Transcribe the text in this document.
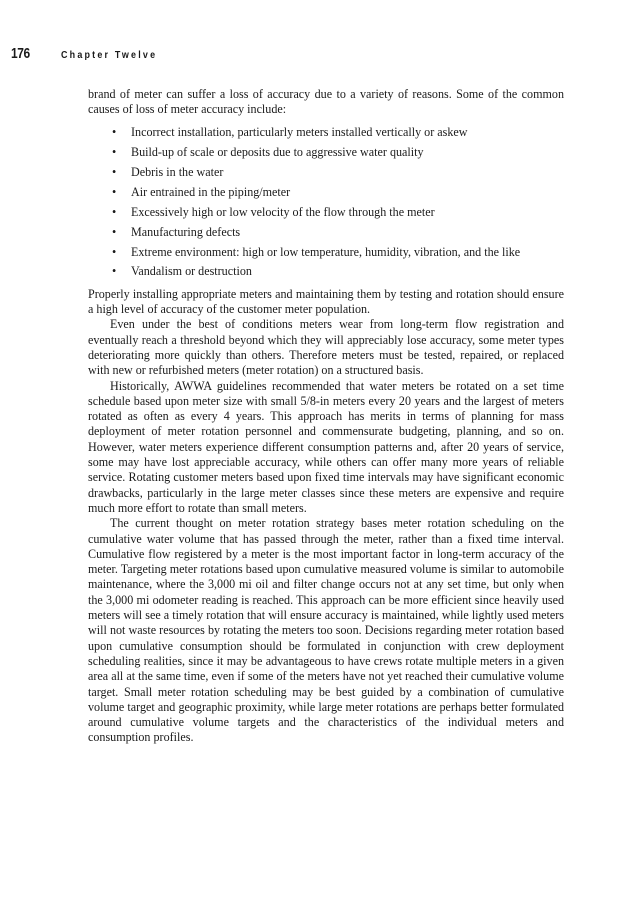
176	Chapter Twelve

brand of meter can suffer a loss of accuracy due to a variety of reasons. Some of the common causes of loss of meter accuracy include:

• Incorrect installation, particularly meters installed vertically or askew
• Build-up of scale or deposits due to aggressive water quality
• Debris in the water
• Air entrained in the piping/meter
• Excessively high or low velocity of the flow through the meter
• Manufacturing defects
• Extreme environment: high or low temperature, humidity, vibration, and the like
• Vandalism or destruction

Properly installing appropriate meters and maintaining them by testing and rotation should ensure a high level of accuracy of the customer meter population.

Even under the best of conditions meters wear from long-term flow registration and eventually reach a threshold beyond which they will appreciably lose accuracy, some meter types deteriorating more quickly than others. Therefore meters must be tested, repaired, or replaced with new or refurbished meters (meter rotation) on a structured basis.

Historically, AWWA guidelines recommended that water meters be rotated on a set time schedule based upon meter size with small 5/8-in meters every 20 years and the largest of meters rotated as often as every 4 years. This approach has merits in terms of planning for mass deployment of meter rotation personnel and commensurate budgeting, planning, and so on. However, water meters experience different consumption patterns and, after 20 years of service, some may have lost appreciable accuracy, while others can offer many more years of reliable service. Rotating customer meters based upon fixed time intervals may have significant economic drawbacks, particularly in the large meter classes since these meters are expensive and require much more effort to rotate than small meters.

The current thought on meter rotation strategy bases meter rotation scheduling on the cumulative water volume that has passed through the meter, rather than a fixed time interval. Cumulative flow registered by a meter is the most important factor in long-term accuracy of the meter. Targeting meter rotations based upon cumulative measured volume is similar to automobile maintenance, where the 3,000 mi oil and filter change occurs not at any set time, but only when the 3,000 mi odometer reading is reached. This approach can be more efficient since heavily used meters will see a timely rotation that will ensure accuracy is maintained, while lightly used meters will not waste resources by rotating the meters too soon. Decisions regarding meter rotation based upon cumulative consumption should be formulated in conjunction with crew deployment scheduling realities, since it may be advantageous to have crews rotate multiple meters in a given area all at the same time, even if some of the meters have not yet reached their cumulative volume target. Small meter rotation scheduling may be best guided by a combination of cumulative volume target and geographic proximity, while large meter rotations are perhaps better formulated around cumulative volume targets and the characteristics of the individual meters and consumption profiles.
